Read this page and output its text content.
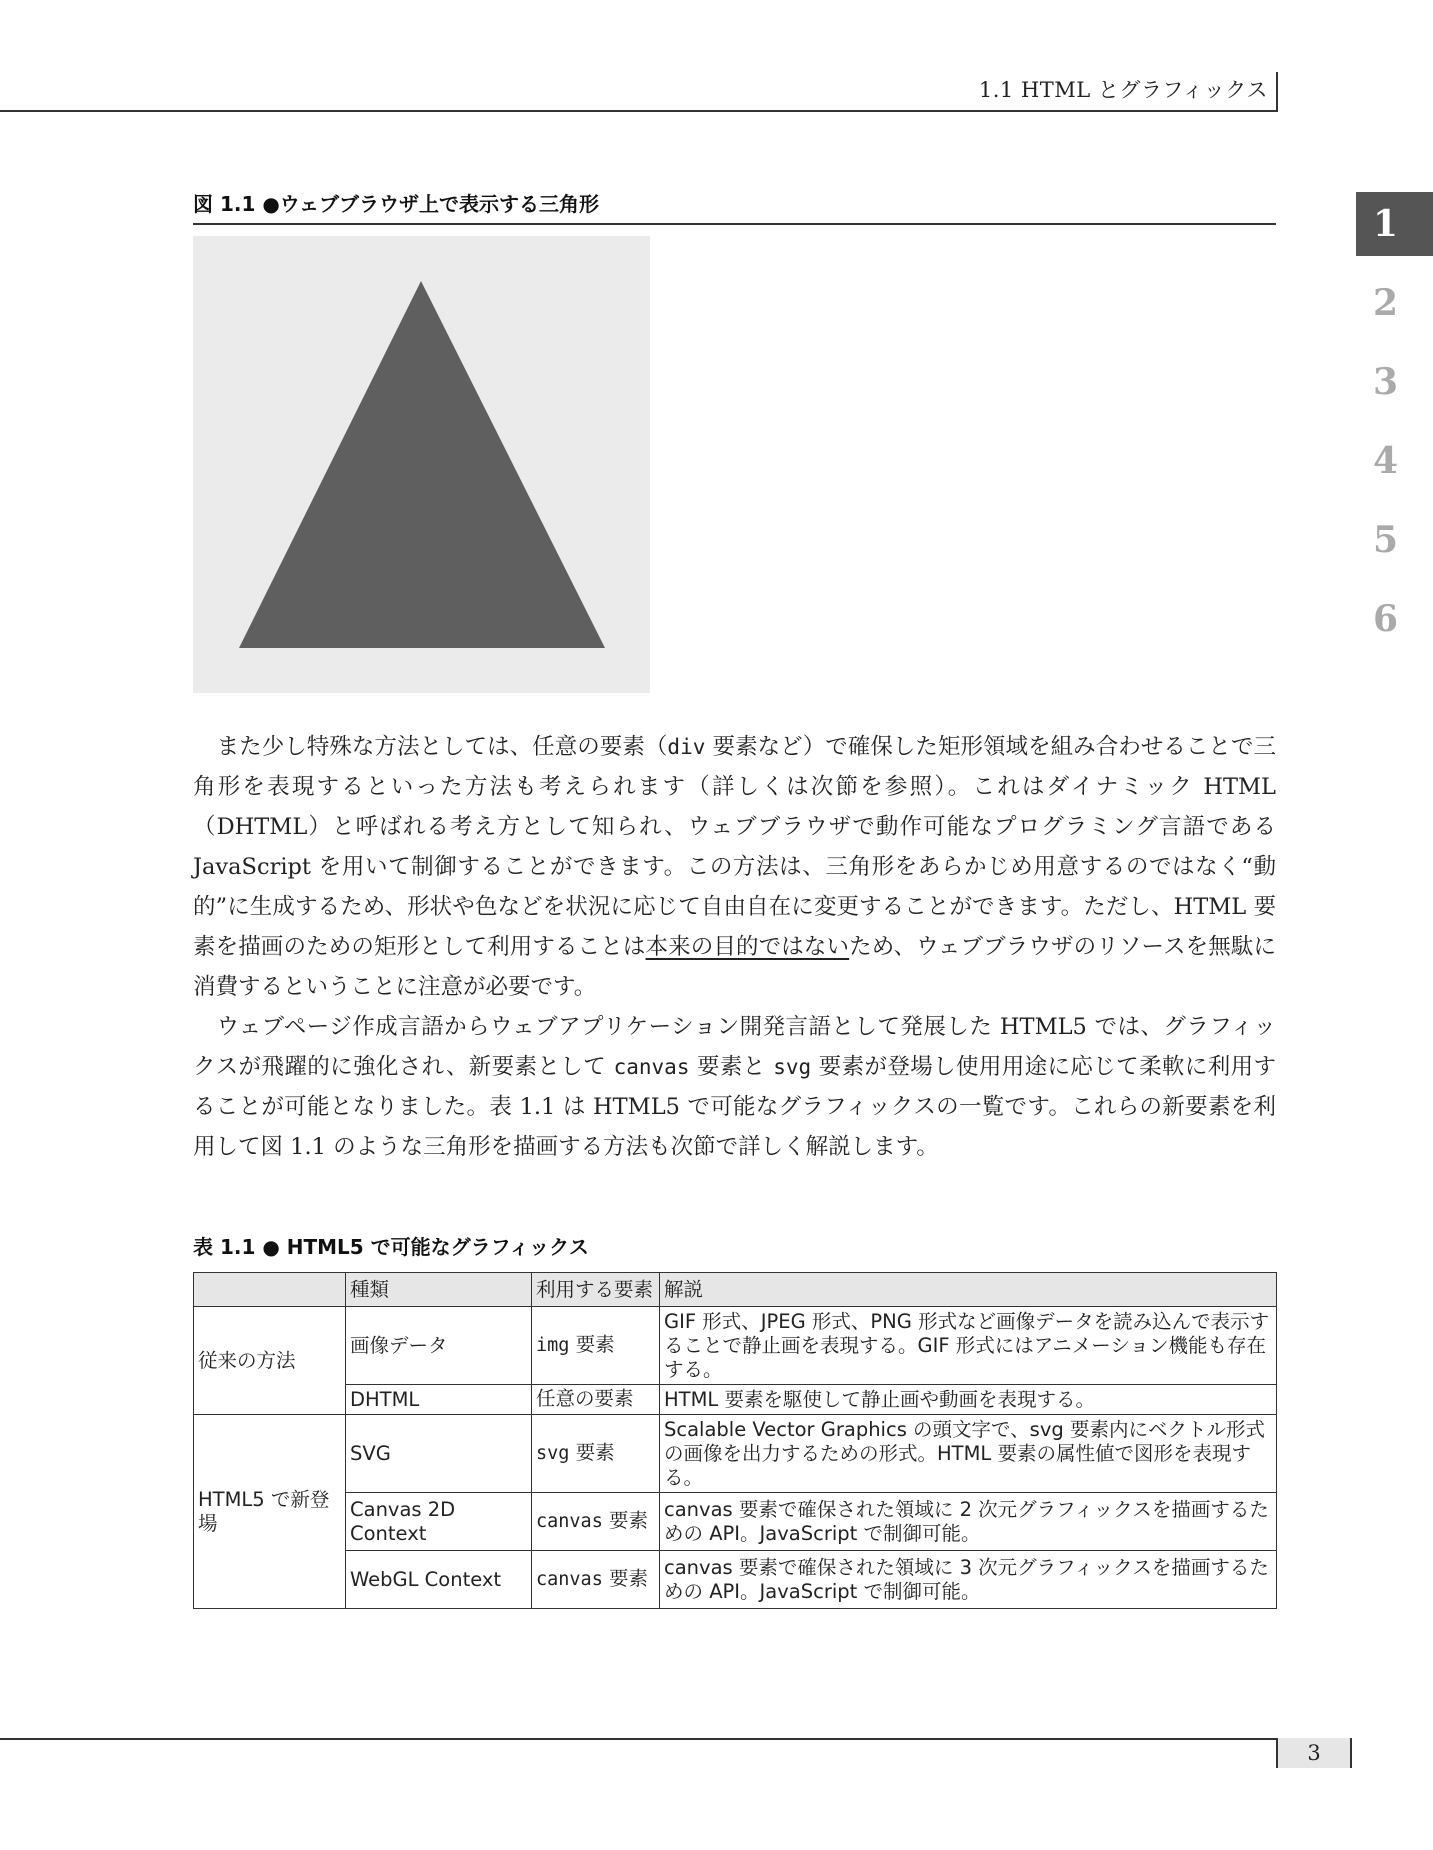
1.1 HTML とグラフィックス
1
2
3
4
5
6
図 1.1 ●ウェブブラウザ上で表示する三角形

また少し特殊な方法としては、任意の要素（div 要素など）で確保した矩形領域を組み合わせることで三角形を表現するといった方法も考えられます（詳しくは次節を参照）。これはダイナミック HTML（DHTML）と呼ばれる考え方として知られ、ウェブブラウザで動作可能なプログラミング言語である JavaScript を用いて制御することができます。この方法は、三角形をあらかじめ用意するのではなく“動的”に生成するため、形状や色などを状況に応じて自由自在に変更することができます。ただし、HTML 要素を描画のための矩形として利用することは本来の目的ではないため、ウェブブラウザのリソースを無駄に消費するということに注意が必要です。

ウェブページ作成言語からウェブアプリケーション開発言語として発展した HTML5 では、グラフィックスが飛躍的に強化され、新要素として canvas 要素と svg 要素が登場し使用用途に応じて柔軟に利用することが可能となりました。表 1.1 は HTML5 で可能なグラフィックスの一覧です。これらの新要素を利用して図 1.1 のような三角形を描画する方法も次節で詳しく解説します。

表 1.1 ● HTML5 で可能なグラフィックス
	種類	利用する要素	解説
従来の方法	画像データ	img 要素	GIF 形式、JPEG 形式、PNG 形式など画像データを読み込んで表示することで静止画を表現する。GIF 形式にはアニメーション機能も存在する。
	DHTML	任意の要素	HTML 要素を駆使して静止画や動画を表現する。
HTML5 で新登場	SVG	svg 要素	Scalable Vector Graphics の頭文字で、svg 要素内にベクトル形式の画像を出力するための形式。HTML 要素の属性値で図形を表現する。
	Canvas 2D Context	canvas 要素	canvas 要素で確保された領域に 2 次元グラフィックスを描画するための API。JavaScript で制御可能。
	WebGL Context	canvas 要素	canvas 要素で確保された領域に 3 次元グラフィックスを描画するための API。JavaScript で制御可能。
3
